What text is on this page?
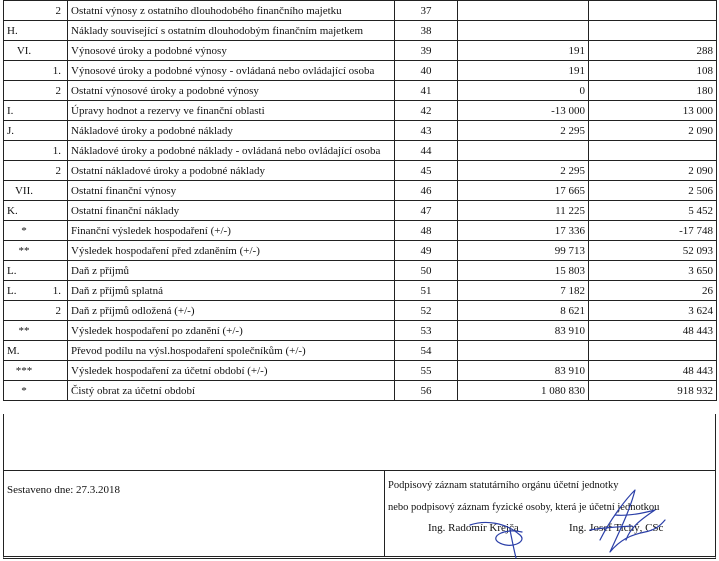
2	Ostatní výnosy z ostatního dlouhodobého finančního majetku	37		
H.	Náklady související s ostatním dlouhodobým finančním majetkem	38		
VI.	Výnosové úroky a podobné výnosy	39	191	288
1.	Výnosové úroky a podobné výnosy - ovládaná nebo ovládající osoba	40	191	108
2	Ostatní výnosové úroky a podobné výnosy	41	0	180
I.	Úpravy hodnot a rezervy ve finanční oblasti	42	-13 000	13 000
J.	Nákladové úroky a podobné náklady	43	2 295	2 090
1.	Nákladové úroky a podobné náklady - ovládaná nebo ovládající osoba	44		
2	Ostatní nákladové úroky a podobné náklady	45	2 295	2 090
VII.	Ostatní finanční výnosy	46	17 665	2 506
K.	Ostatní finanční náklady	47	11 225	5 452
*	Finanční výsledek hospodaření (+/-)	48	17 336	-17 748
**	Výsledek hospodaření před zdaněním (+/-)	49	99 713	52 093
L.	Daň z příjmů	50	15 803	3 650
L. 1.	Daň z příjmů splatná	51	7 182	26
2	Daň z příjmů odložená (+/-)	52	8 621	3 624
**	Výsledek hospodaření po zdanění (+/-)	53	83 910	48 443
M.	Převod podílu na výsl.hospodaření společníkům (+/-)	54		
***	Výsledek hospodaření za účetní období (+/-)	55	83 910	48 443
*	Čistý obrat za účetní období	56	1 080 830	918 932
Sestaveno dne: 27.3.2018	Podpisový záznam statutárního orgánu účetní jednotky
nebo podpisový záznam fyzické osoby, která je účetní jednotkou
Ing. Radomír Krejča	Ing. Josef Tichý, CSc
